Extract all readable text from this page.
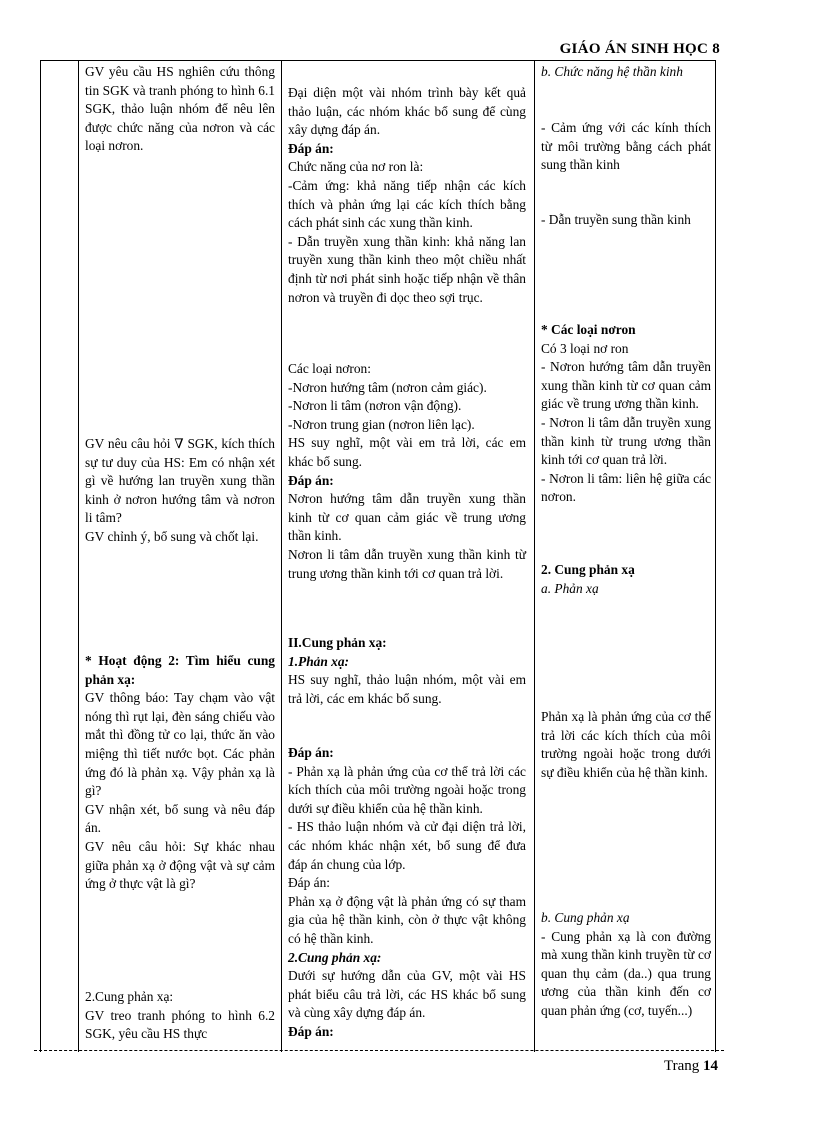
GIÁO ÁN SINH HỌC 8

GV yêu cầu HS nghiên cứu thông tin SGK và tranh phóng to hình 6.1 SGK, thảo luận nhóm để nêu lên được chức năng của nơron và các loại nơron.

GV nêu câu hỏi ∇ SGK, kích thích sự tư duy của HS: Em có nhận xét gì về hướng lan truyền xung thần kinh ở nơron hướng tâm và nơron li tâm?

GV chỉnh ý, bổ sung và chốt lại.

* Hoạt động 2: Tìm hiểu cung phản xạ:

GV thông báo: Tay chạm vào vật nóng thì rụt lại, đèn sáng chiếu vào mắt thì đồng tử co lại, thức ăn vào miệng thì tiết nước bọt. Các phản ứng đó là phản xạ. Vậy phản xạ là gì?

GV nhận xét, bổ sung và nêu đáp án.

GV nêu câu hỏi: Sự khác nhau giữa phản xạ ở động vật và sự cảm ứng ở thực vật là gì?

2.Cung phản xạ:

GV treo tranh phóng to hình 6.2 SGK, yêu cầu HS thực

Đại diện một vài nhóm trình bày kết quả thảo luận, các nhóm khác bổ sung để cùng xây dựng đáp án.

Đáp án:

Chức năng của nơ ron là:

-Cảm ứng: khả năng tiếp nhận các kích thích và phản ứng lại các kích thích bằng cách phát sinh các xung thần kinh.

- Dẫn truyền xung thần kinh: khả năng lan truyền xung thần kinh theo một chiều nhất định từ nơi phát sinh hoặc tiếp nhận về thân nơron và truyền đi dọc theo sợi trục.

Các loại nơron:

-Nơron hướng tâm (nơron cảm giác).

-Nơron li tâm (nơron vận động).

-Nơron trung gian (nơron liên lạc).

HS suy nghĩ, một vài em trả lời, các em khác bổ sung.

Đáp án:

Nơron hướng tâm dẫn truyền xung thần kinh từ cơ quan cảm giác về trung ương thần kinh.

Nơron li tâm dẫn truyền xung thần kinh từ trung ương thần kinh tới cơ quan trả lời.

II.Cung phản xạ:

1.Phản xạ:

HS suy nghĩ, thảo luận nhóm, một vài em trả lời, các em khác bổ sung.

Đáp án:

- Phản xạ là phản ứng của cơ thể trả lời các kích thích của môi trường ngoài hoặc trong dưới sự điều khiển của hệ thần kinh.

- HS thảo luận nhóm và cử đại diện trả lời, các nhóm khác nhận xét, bổ sung để đưa đáp án chung của lớp.

Đáp án:

Phản xạ ở động vật là phản ứng có sự tham gia của hệ thần kinh, còn ở thực vật không có hệ thần kinh.

2.Cung phản xạ:

Dưới sự hướng dẫn của GV, một vài HS phát biểu câu trả lời, các HS khác bổ sung và cùng xây dựng đáp án.

Đáp án:

b. Chức năng hệ thần kinh

- Cảm ứng với các kính thích từ môi trường bằng cách phát sung thần kinh

- Dẫn truyền sung thần kinh

* Các loại nơron

Có 3 loại nơ ron

- Nơron hướng tâm dẫn truyền xung thần kinh từ cơ quan cảm giác về trung ương thần kinh.

- Nơron li tâm dẫn truyền xung thần kinh từ trung ương thần kinh tới cơ quan trả lời.

- Nơron li tâm: liên hệ giữa các nơron.

2. Cung phản xạ

a. Phản xạ

Phản xạ là phản ứng của cơ thể trả lời các kích thích của môi trường ngoài hoặc trong dưới sự điều khiển của hệ thần kinh.

b. Cung phản xạ

- Cung phản xạ là con đường mà xung thần kinh truyền từ cơ quan thụ cảm (da..) qua trung ương của thần kinh đến cơ quan phản ứng (cơ, tuyến...)

Trang 14
